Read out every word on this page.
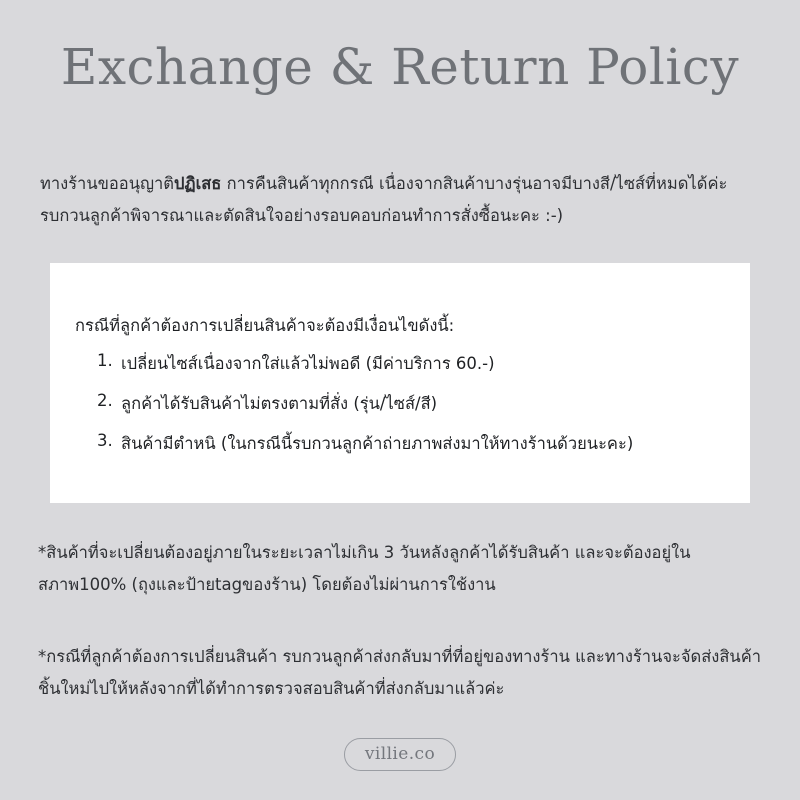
Exchange & Return Policy
ทางร้านขออนุญาติปฏิเสธ การคืนสินค้าทุกกรณี เนื่องจากสินค้าบางรุ่นอาจมีบางสี/ไซส์ที่หมดได้ค่ะ รบกวนลูกค้าพิจารณาและตัดสินใจอย่างรอบคอบก่อนทำการสั่งซื้อนะคะ :-)
กรณีที่ลูกค้าต้องการเปลี่ยนสินค้าจะต้องมีเงื่อนไขดังนี้:
1. เปลี่ยนไซส์เนื่องจากใส่แล้วไม่พอดี (มีค่าบริการ 60.-)
2. ลูกค้าได้รับสินค้าไม่ตรงตามที่สั่ง (รุ่น/ไซส์/สี)
3. สินค้ามีตำหนิ (ในกรณีนี้รบกวนลูกค้าถ่ายภาพส่งมาให้ทางร้านด้วยนะคะ)
*สินค้าที่จะเปลี่ยนต้องอยู่ภายในระยะเวลาไม่เกิน 3 วันหลังลูกค้าได้รับสินค้า และจะต้องอยู่ในสภาพ100% (ถุงและป้ายtagของร้าน) โดยต้องไม่ผ่านการใช้งาน
*กรณีที่ลูกค้าต้องการเปลี่ยนสินค้า รบกวนลูกค้าส่งกลับมาที่ที่อยู่ของทางร้าน และทางร้านจะจัดส่งสินค้าชิ้นใหม่ไปให้หลังจากที่ได้ทำการตรวจสอบสินค้าที่ส่งกลับมาแล้วค่ะ
villie.co
